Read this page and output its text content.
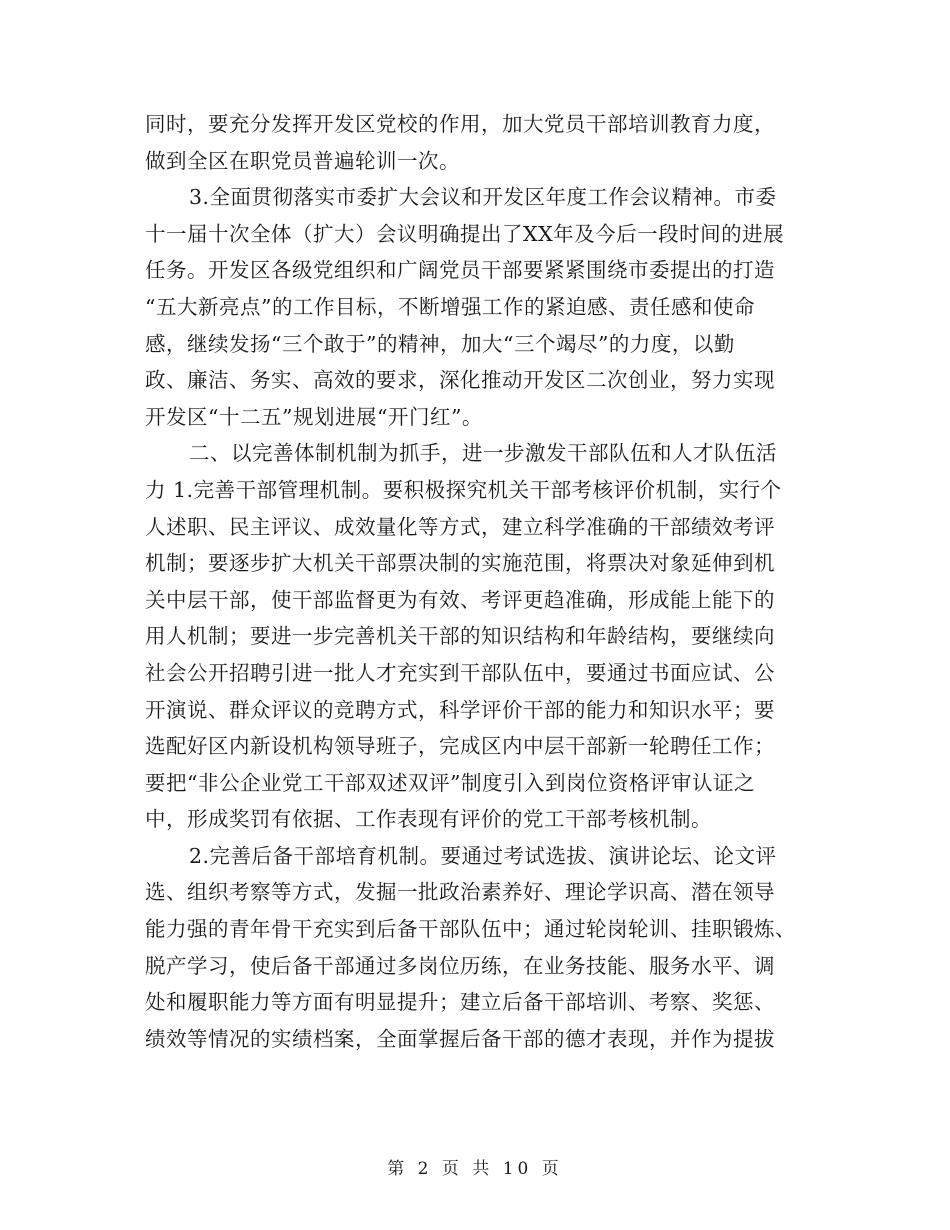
同时，要充分发挥开发区党校的作用，加大党员干部培训教育力度，
做到全区在职党员普遍轮训一次。
3.全面贯彻落实市委扩大会议和开发区年度工作会议精神。市委
十一届十次全体（扩大）会议明确提出了XX年及今后一段时间的进展
任务。开发区各级党组织和广阔党员干部要紧紧围绕市委提出的打造
“五大新亮点”的工作目标，不断增强工作的紧迫感、责任感和使命
感，继续发扬“三个敢于”的精神，加大“三个竭尽”的力度，以勤
政、廉洁、务实、高效的要求，深化推动开发区二次创业，努力实现
开发区“十二五”规划进展“开门红”。
二、以完善体制机制为抓手，进一步激发干部队伍和人才队伍活
力 1.完善干部管理机制。要积极探究机关干部考核评价机制，实行个
人述职、民主评议、成效量化等方式，建立科学准确的干部绩效考评
机制；要逐步扩大机关干部票决制的实施范围，将票决对象延伸到机
关中层干部，使干部监督更为有效、考评更趋准确，形成能上能下的
用人机制；要进一步完善机关干部的知识结构和年龄结构，要继续向
社会公开招聘引进一批人才充实到干部队伍中，要通过书面应试、公
开演说、群众评议的竞聘方式，科学评价干部的能力和知识水平；要
选配好区内新设机构领导班子，完成区内中层干部新一轮聘任工作；
要把“非公企业党工干部双述双评”制度引入到岗位资格评审认证之
中，形成奖罚有依据、工作表现有评价的党工干部考核机制。
2.完善后备干部培育机制。要通过考试选拔、演讲论坛、论文评
选、组织考察等方式，发掘一批政治素养好、理论学识高、潜在领导
能力强的青年骨干充实到后备干部队伍中；通过轮岗轮训、挂职锻炼、
脱产学习，使后备干部通过多岗位历练，在业务技能、服务水平、调
处和履职能力等方面有明显提升；建立后备干部培训、考察、奖惩、
绩效等情况的实绩档案，全面掌握后备干部的德才表现，并作为提拔
第 2 页 共 10 页
